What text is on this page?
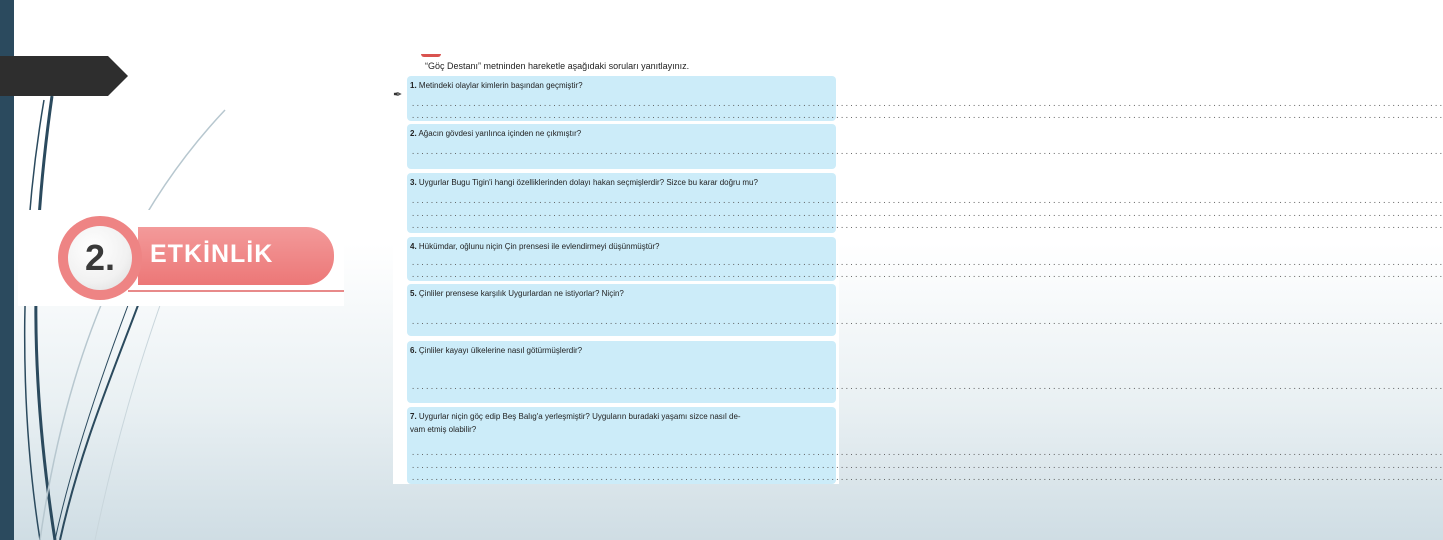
2.	ETKİNLİK
“Göç Destanı” metninden hareketle aşağıdaki soruları yanıtlayınız.
✒
1. Metindeki olaylar kimlerin başından geçmiştir?
...........................................................................................................................................................................................................................
...........................................................................................................................................................................................................................
2. Ağacın gövdesi yarılınca içinden ne çıkmıştır?
...........................................................................................................................................................................................................................
3. Uygurlar Bugu Tigin'i hangi özelliklerinden dolayı hakan seçmişlerdir? Sizce bu karar doğru mu?
...........................................................................................................................................................................................................................
...........................................................................................................................................................................................................................
...........................................................................................................................................................................................................................
4. Hükümdar, oğlunu niçin Çin prensesi ile evlendirmeyi düşünmüştür?
...........................................................................................................................................................................................................................
...........................................................................................................................................................................................................................
5. Çinliler prensese karşılık Uygurlardan ne istiyorlar? Niçin?
...........................................................................................................................................................................................................................
6. Çinliler kayayı ülkelerine nasıl götürmüşlerdir?
...........................................................................................................................................................................................................................
7. Uygurlar niçin göç edip Beş Balıg'a yerleşmiştir? Uyguların buradaki yaşamı sizce nasıl de-
vam etmiş olabilir?
...........................................................................................................................................................................................................................
...........................................................................................................................................................................................................................
...........................................................................................................................................................................................................................
